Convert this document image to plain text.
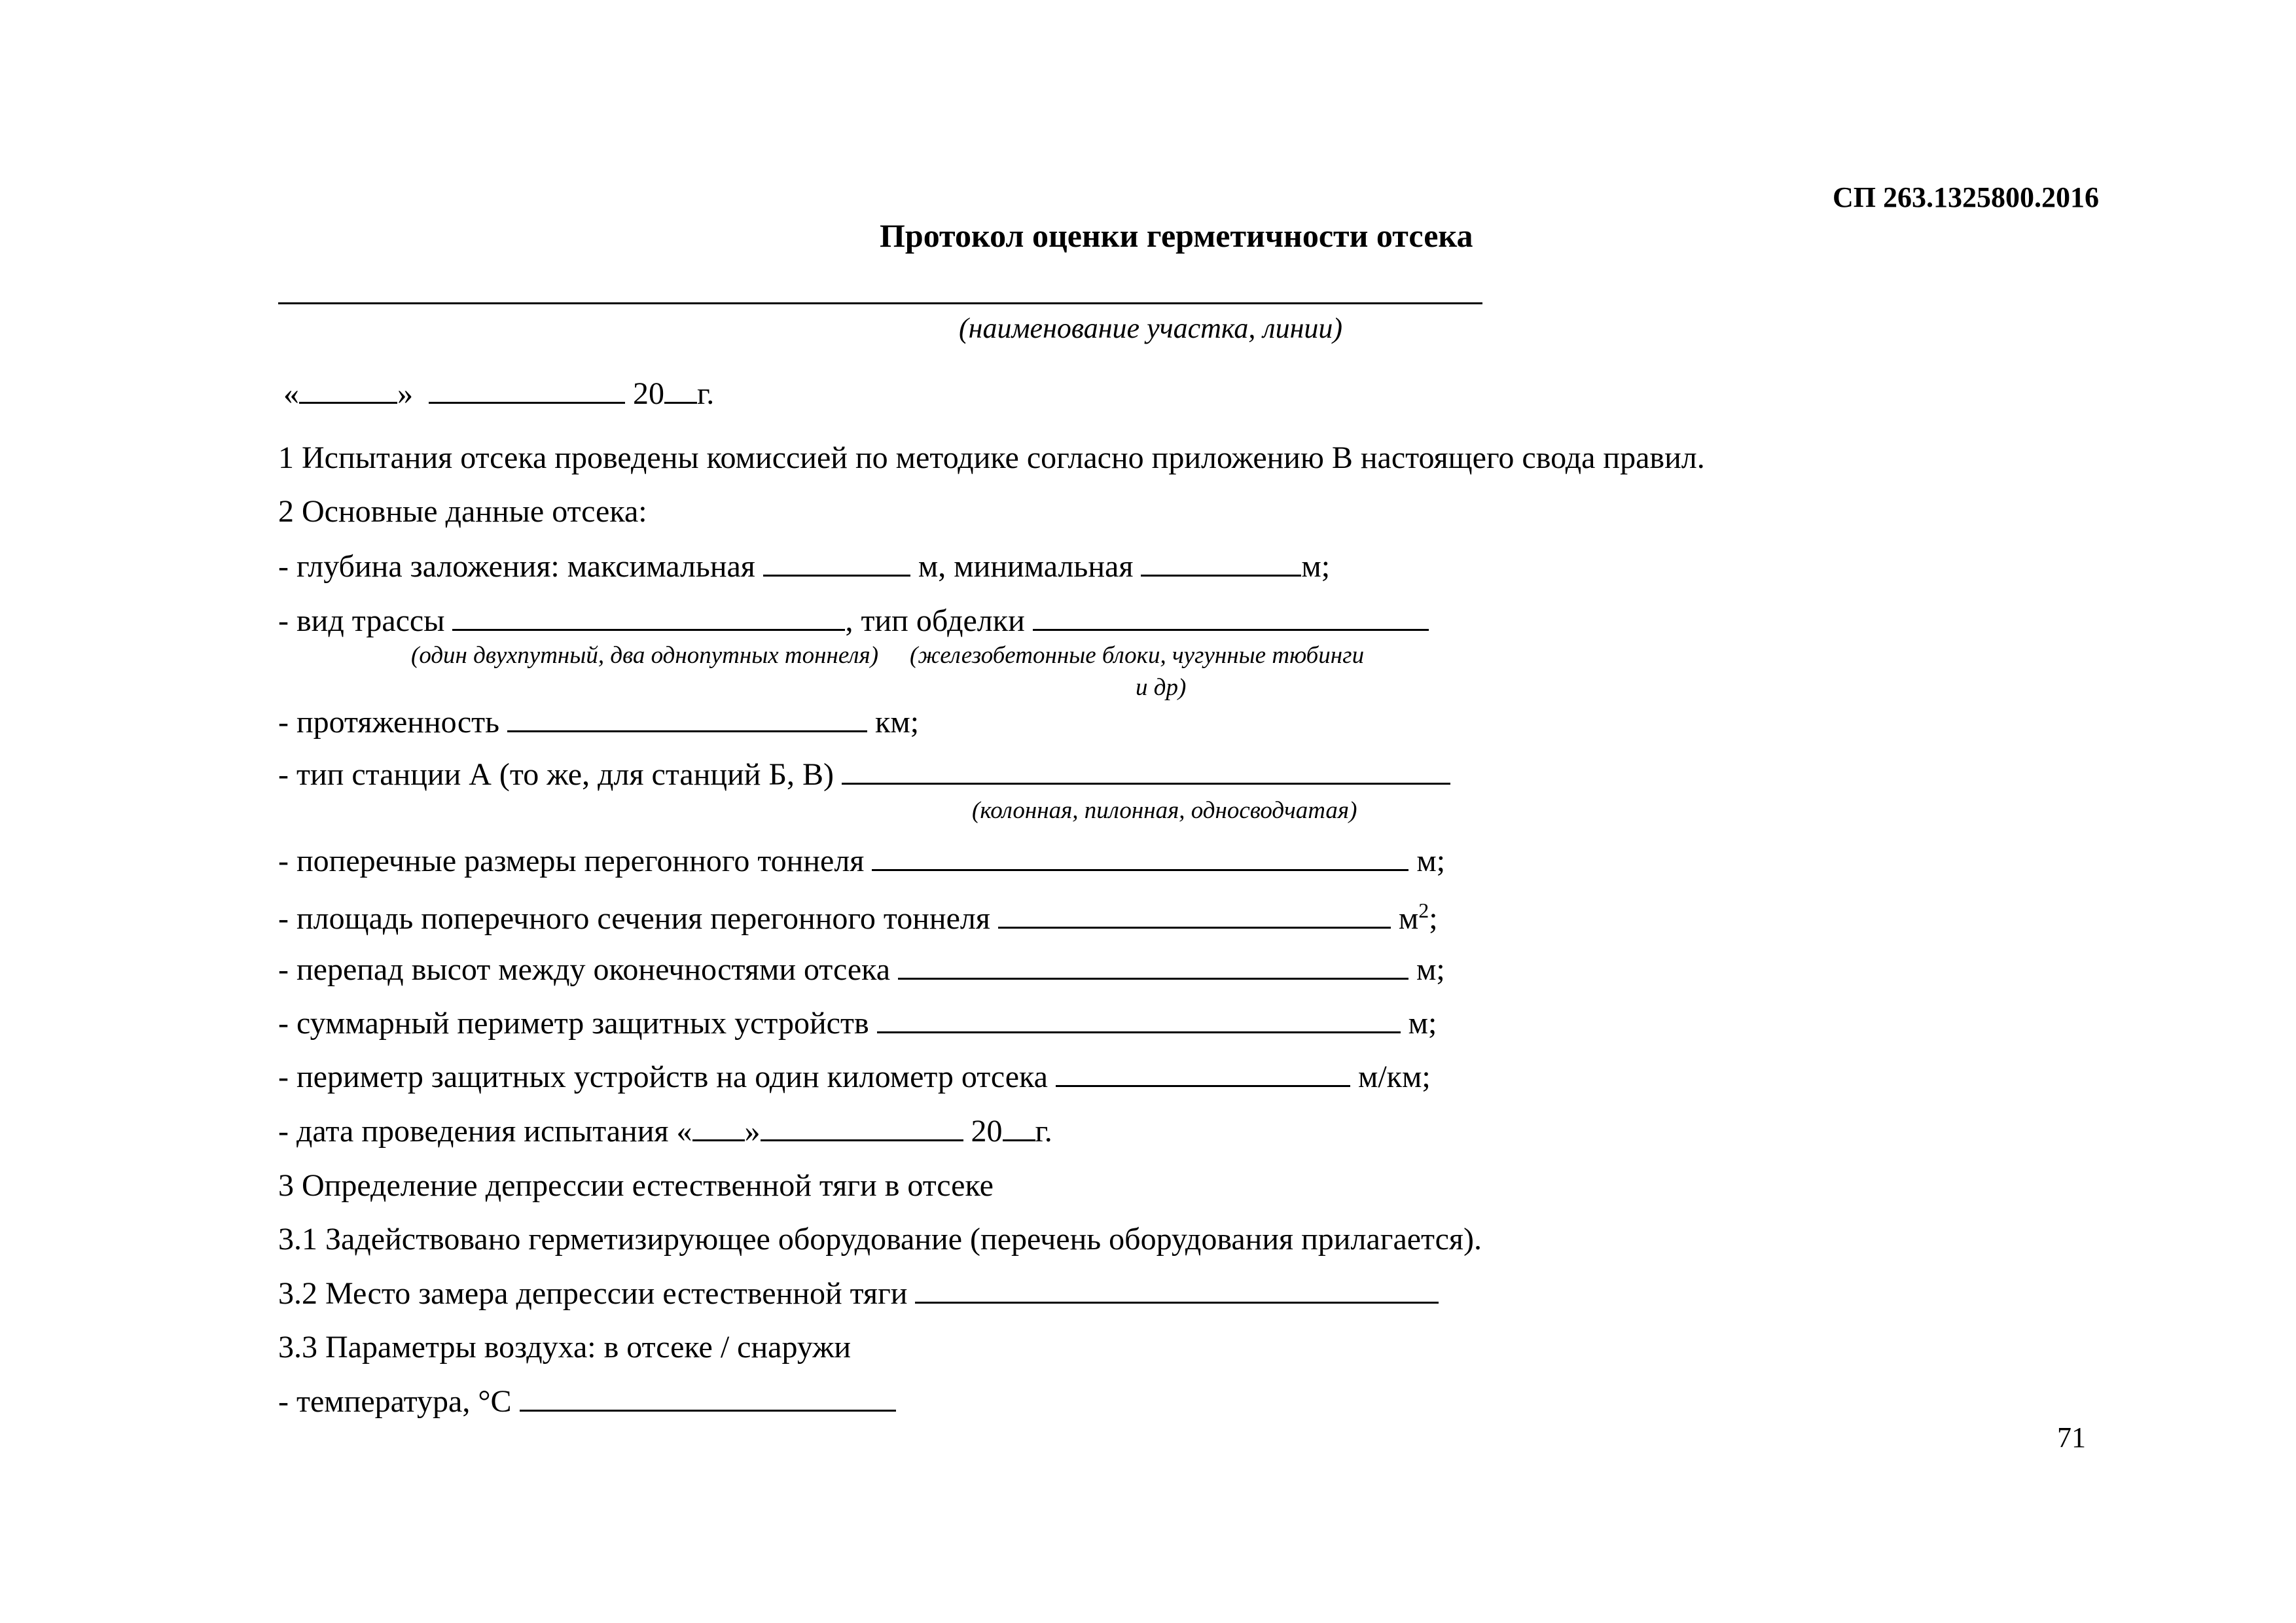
СП 263.1325800.2016
Протокол оценки герметичности отсека
(наименование участка, линии)
«	»	20 г.
1 Испытания отсека проведены комиссией по методике согласно приложению В настоящего свода правил.
2 Основные данные отсека:
- глубина заложения: максимальная	м, минимальная	м;
- вид трассы	, тип обделки
(один двухпутный, два однопутных тоннеля) (железобетонные блоки, чугунные тюбинги
и др)
- протяженность	км;
- тип станции А (то же, для станций Б, В)
(колонная, пилонная, односводчатая)
- поперечные размеры перегонного тоннеля	м;
- площадь поперечного сечения перегонного тоннеля	$м^2$;
- перепад высот между оконечностями отсека	м;
- суммарный периметр защитных устройств	м;
- периметр защитных устройств на один километр отсека	м/км;
- дата проведения испытания « »	20 г.
3 Определение депрессии естественной тяги в отсеке
3.1 Задействовано герметизирующее оборудование (перечень оборудования прилагается).
3.2 Место замера депрессии естественной тяги
3.3 Параметры воздуха: в отсеке / снаружи
- температура, °С
71
